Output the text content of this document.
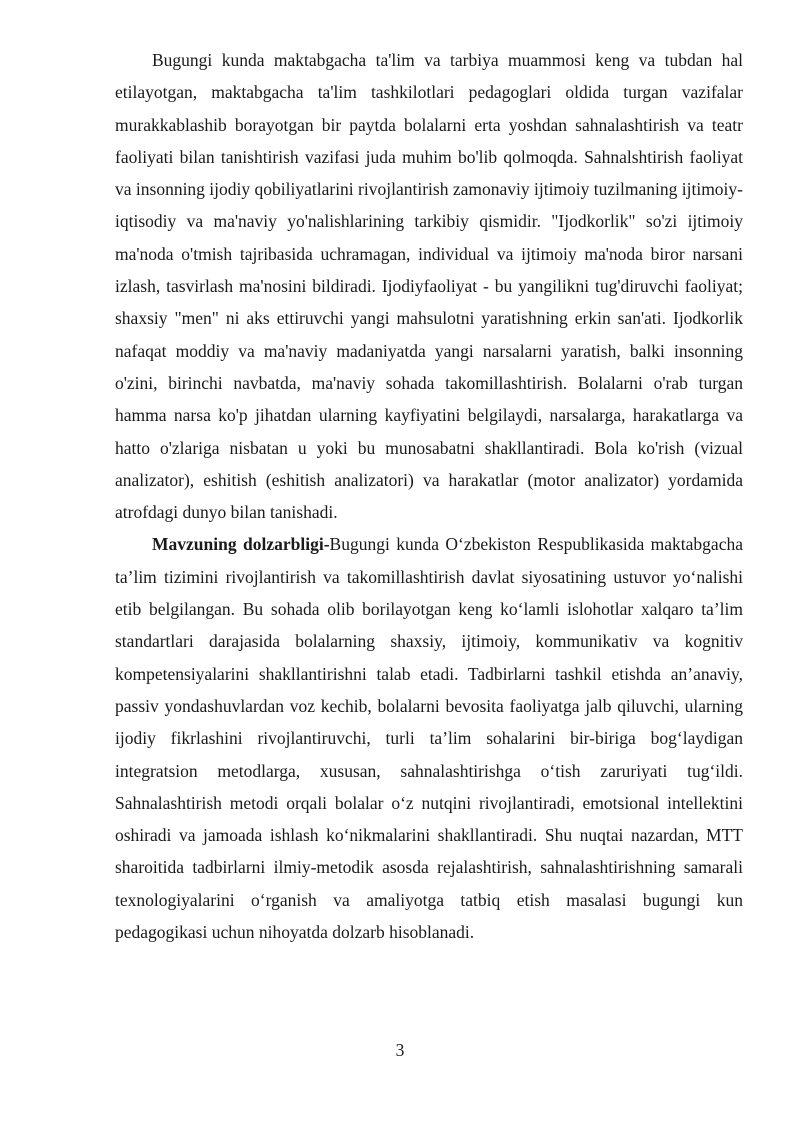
Bugungi kunda maktabgacha ta'lim va tarbiya muammosi keng va tubdan hal etilayotgan, maktabgacha ta'lim tashkilotlari pedagoglari oldida turgan vazifalar murakkablashib borayotgan bir paytda bolalarni erta yoshdan sahnalashtirish va teatr faoliyati bilan tanishtirish vazifasi juda muhim bo'lib qolmoqda. Sahnalshtirish faoliyat va insonning ijodiy qobiliyatlarini rivojlantirish zamonaviy ijtimoiy tuzilmaning ijtimoiy-iqtisodiy va ma'naviy yo'nalishlarining tarkibiy qismidir. "Ijodkorlik" so'zi ijtimoiy ma'noda o'tmish tajribasida uchramagan, individual va ijtimoiy ma'noda biror narsani izlash, tasvirlash ma'nosini bildiradi. Ijodiyfaoliyat - bu yangilikni tug'diruvchi faoliyat; shaxsiy "men" ni aks ettiruvchi yangi mahsulotni yaratishning erkin san'ati. Ijodkorlik nafaqat moddiy va ma'naviy madaniyatda yangi narsalarni yaratish, balki insonning o'zini, birinchi navbatda, ma'naviy sohada takomillashtirish. Bolalarni o'rab turgan hamma narsa ko'p jihatdan ularning kayfiyatini belgilaydi, narsalarga, harakatlarga va hatto o'zlariga nisbatan u yoki bu munosabatni shakllantiradi. Bola ko'rish (vizual analizator), eshitish (eshitish analizatori) va harakatlar (motor analizator) yordamida atrofdagi dunyo bilan tanishadi.

Mavzuning dolzarbligi-Bugungi kunda O‘zbekiston Respublikasida maktabgacha ta’lim tizimini rivojlantirish va takomillashtirish davlat siyosatining ustuvor yo‘nalishi etib belgilangan. Bu sohada olib borilayotgan keng ko‘lamli islohotlar xalqaro ta’lim standartlari darajasida bolalarning shaxsiy, ijtimoiy, kommunikativ va kognitiv kompetensiyalarini shakllantirishni talab etadi. Tadbirlarni tashkil etishda an’anaviy, passiv yondashuvlardan voz kechib, bolalarni bevosita faoliyatga jalb qiluvchi, ularning ijodiy fikrlashini rivojlantiruvchi, turli ta’lim sohalarini bir-biriga bog‘laydigan integratsion metodlarga, xususan, sahnalashtirishga o‘tish zaruriyati tug‘ildi. Sahnalashtirish metodi orqali bolalar o‘z nutqini rivojlantiradi, emotsional intellektini oshiradi va jamoada ishlash ko‘nikmalarini shakllantiradi. Shu nuqtai nazardan, MTT sharoitida tadbirlarni ilmiy-metodik asosda rejalashtirish, sahnalashtirishning samarali texnologiyalarini o‘rganish va amaliyotga tatbiq etish masalasi bugungi kun pedagogikasi uchun nihoyatda dolzarb hisoblanadi.

3
